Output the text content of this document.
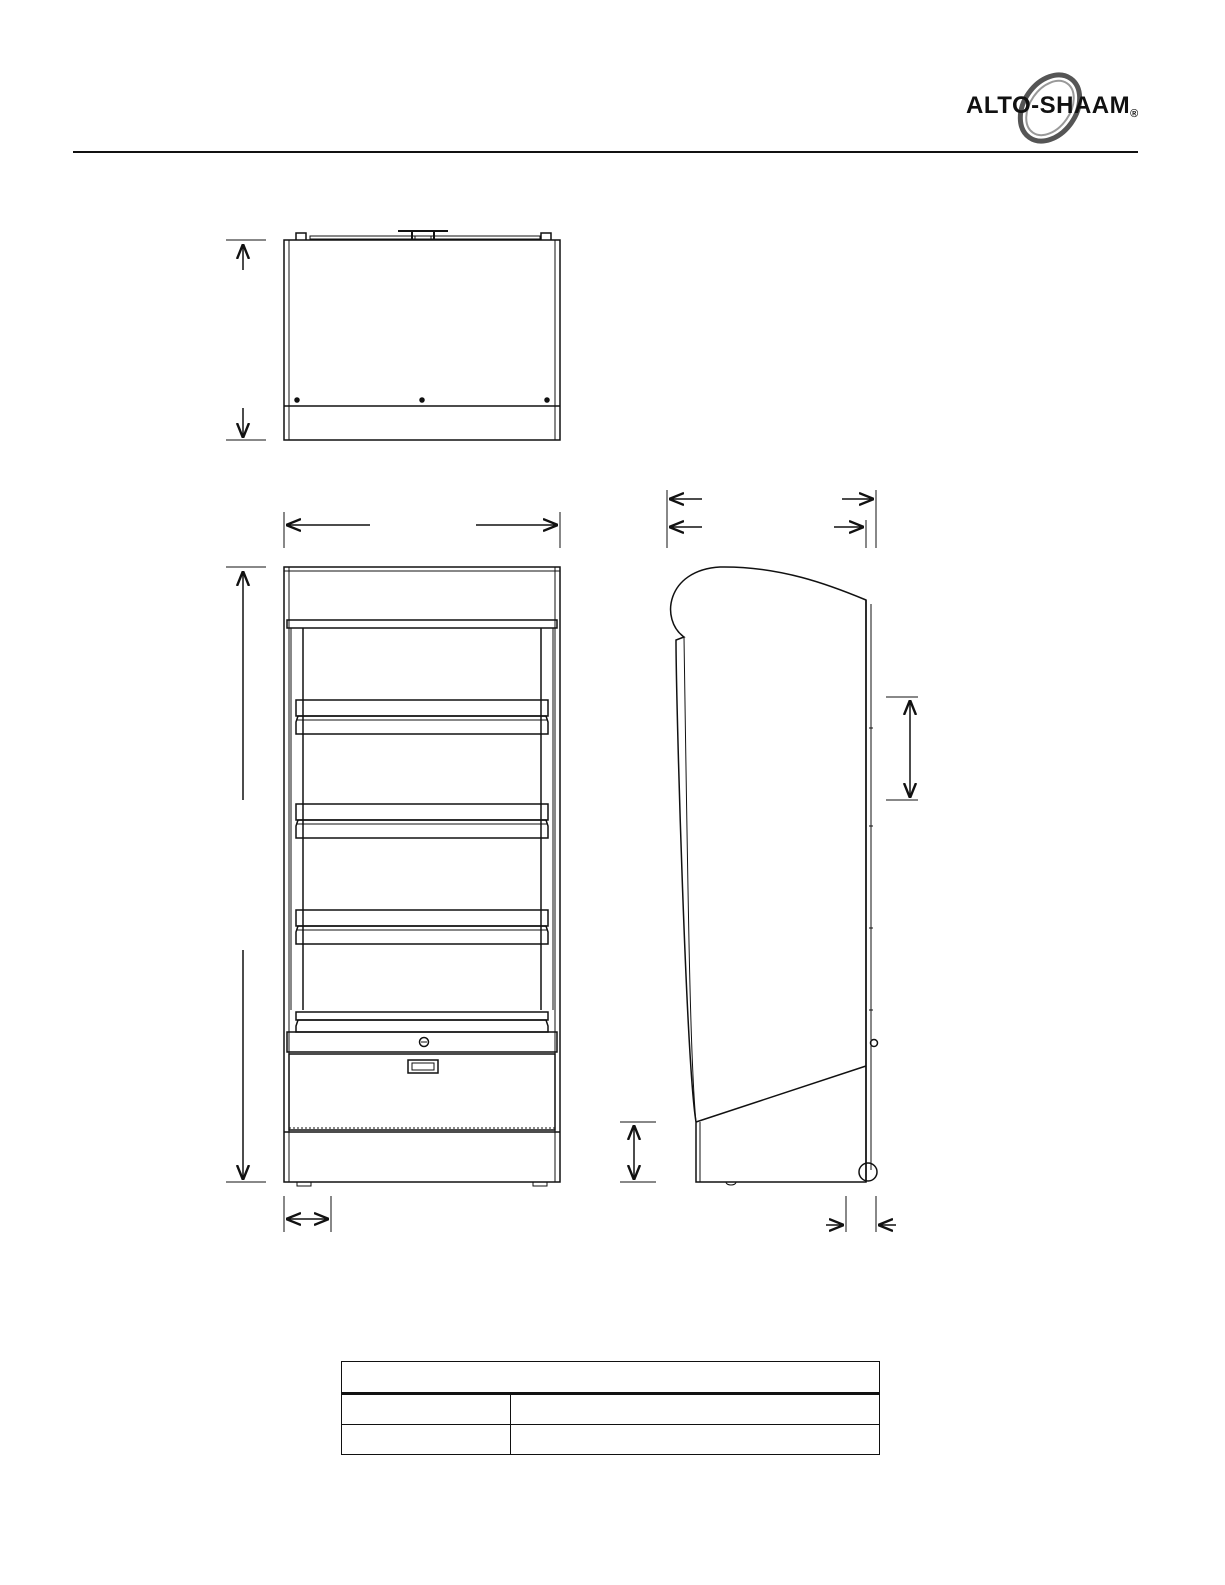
ALTO-SHAAM®
